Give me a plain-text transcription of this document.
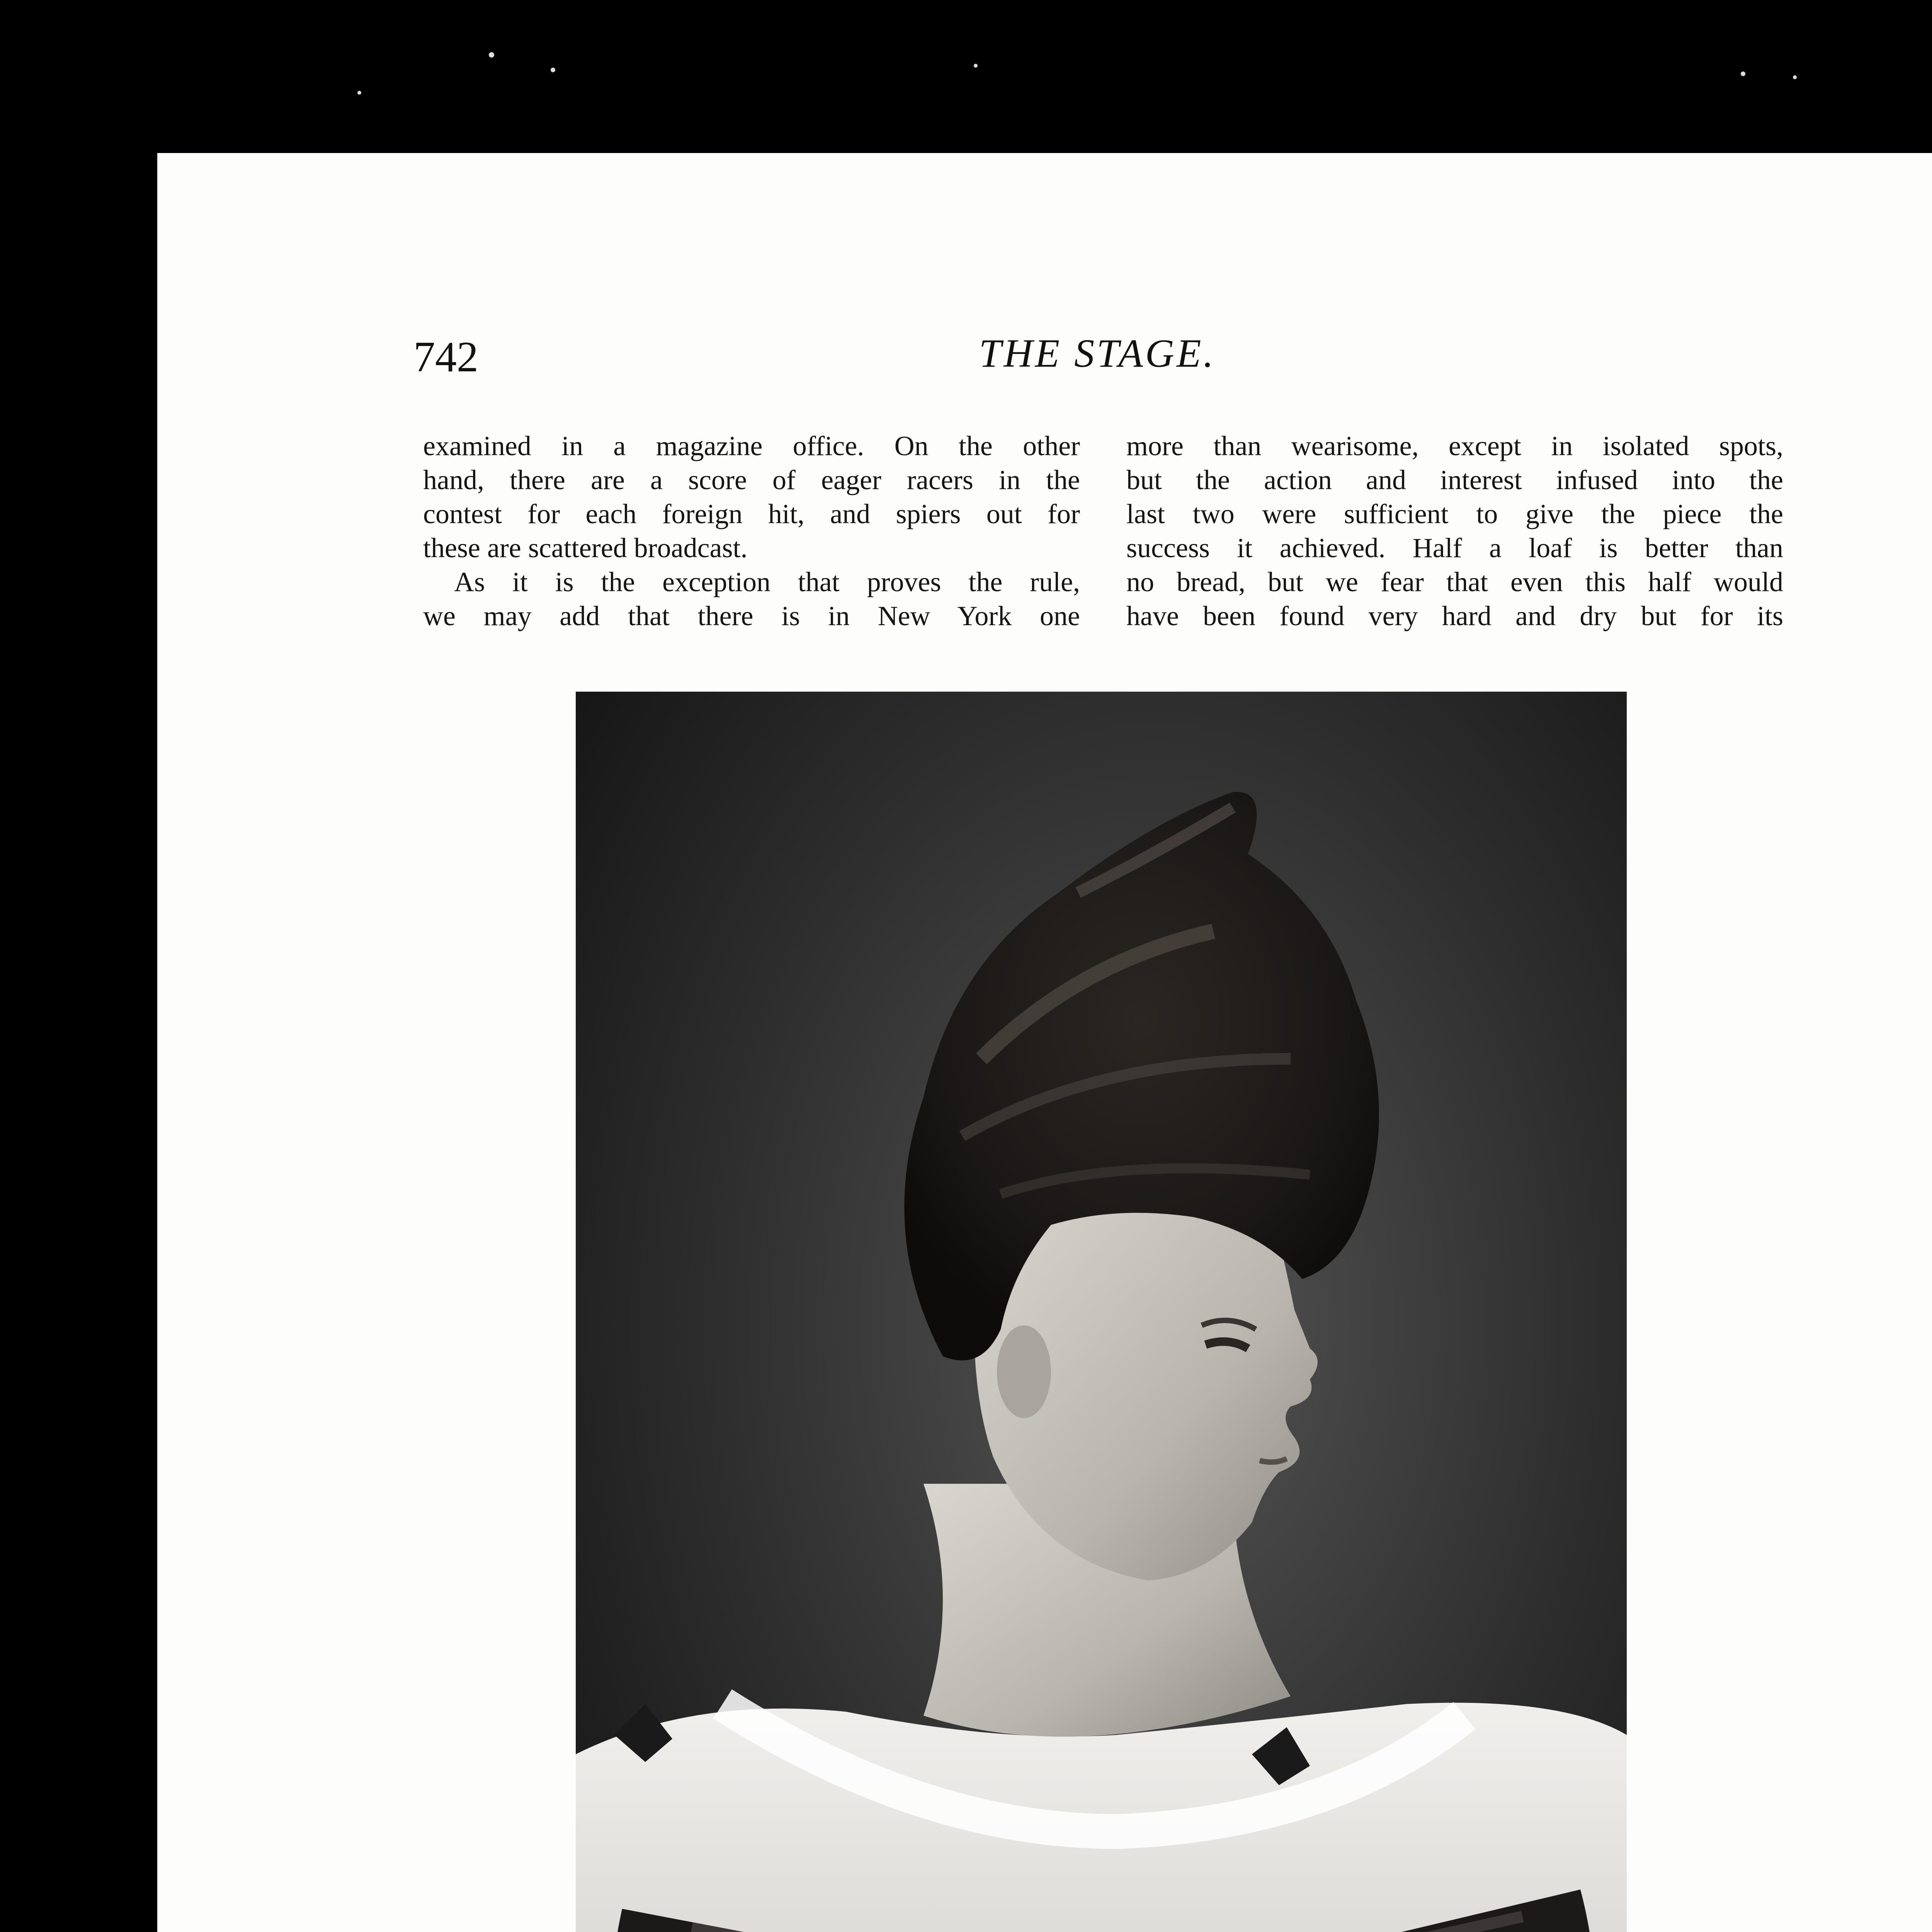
742	THE STAGE.
examined in a magazine office. On the other
hand, there are a score of eager racers in the
contest for each foreign hit, and spiers out for
these are scattered broadcast.
As it is the exception that proves the rule,
we may add that there is in New York one
more than wearisome, except in isolated spots,
but the action and interest infused into the
last two were sufficient to give the piece the
success it achieved. Half a loaf is better than
no bread, but we fear that even this half would
have been found very hard and dry but for its
